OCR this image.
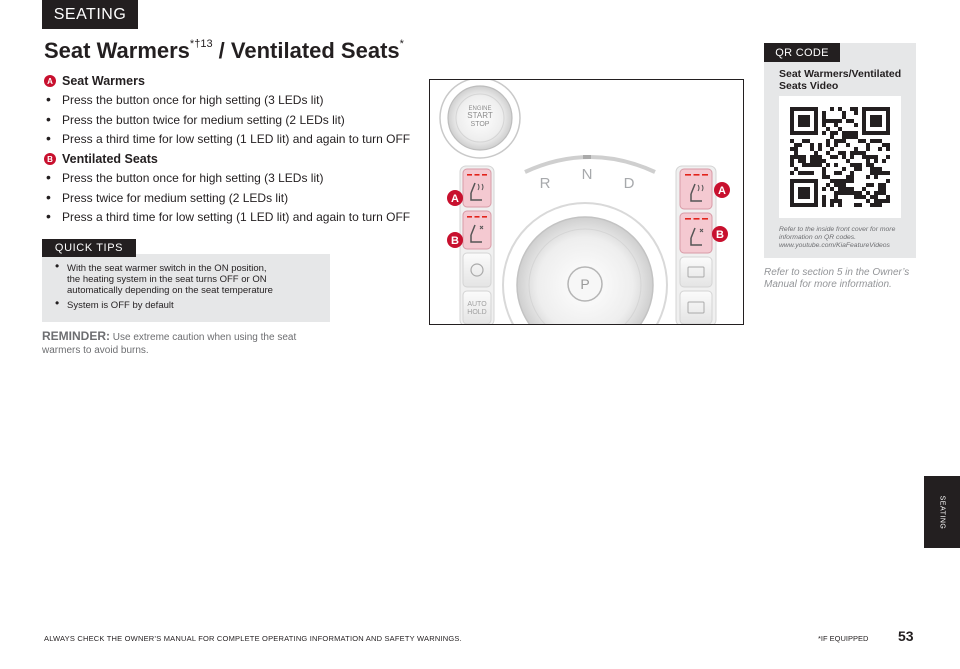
SEATING
Seat Warmers$^{*\dagger 13}$ / Ventilated Seats*
A Seat Warmers
• Press the button once for high setting (3 LEDs lit)
• Press the button twice for medium setting (2 LEDs lit)
• Press a third time for low setting (1 LED lit) and again to turn OFF
B Ventilated Seats
• Press the button once for high setting (3 LEDs lit)
• Press twice for medium setting (2 LEDs lit)
• Press a third time for low setting (1 LED lit) and again to turn OFF
QUICK TIPS
• With the seat warmer switch in the ON position,
the heating system in the seat turns OFF or ON
automatically depending on the seat temperature
• System is OFF by default

REMINDER: Use extreme caution when using the seat warmers to avoid burns.

ENGINE
START
STOP
R
N
D
P
AUTO
HOLD
A
B
A
B
QR CODE
Seat Warmers/Ventilated Seats Video
Refer to the inside front cover for more information on QR codes. www.youtube.com/KiaFeatureVideos
Refer to section 5 in the Owner’s Manual for more information.
SEATING
ALWAYS CHECK THE OWNER’S MANUAL FOR COMPLETE OPERATING INFORMATION AND SAFETY WARNINGS.	*IF EQUIPPED 53
